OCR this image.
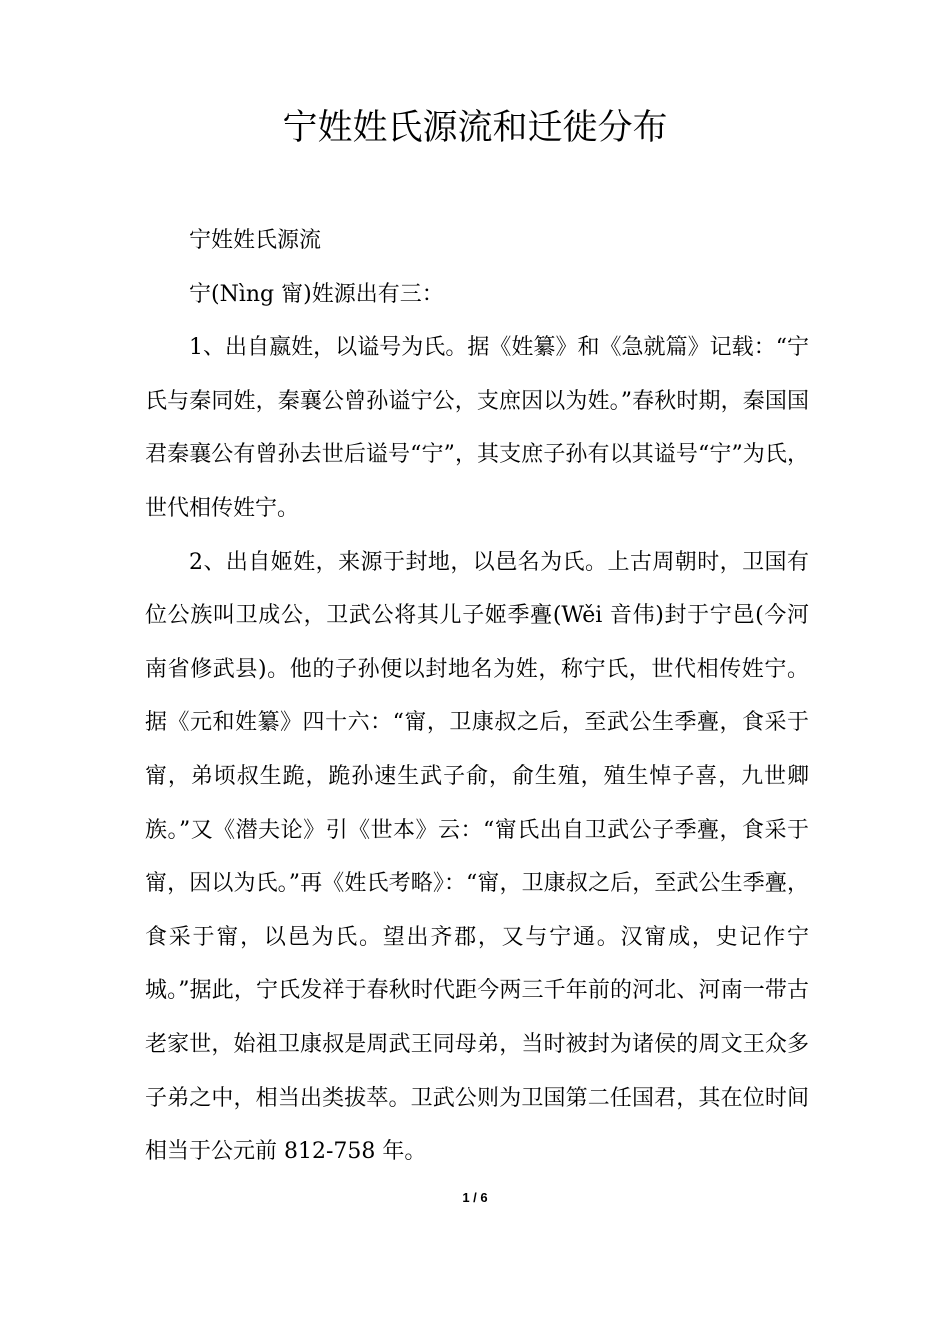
宁姓姓氏源流和迁徙分布

宁姓姓氏源流

宁(Nìng 甯)姓源出有三：

1、出自嬴姓，以谥号为氏。据《姓纂》和《急就篇》记载：“宁氏与秦同姓，秦襄公曾孙谥宁公，支庶因以为姓。”春秋时期，秦国国君秦襄公有曾孙去世后谥号“宁”，其支庶子孙有以其谥号“宁”为氏，世代相传姓宁。

2、出自姬姓，来源于封地，以邑名为氏。上古周朝时，卫国有位公族叫卫成公，卫武公将其儿子姬季亹(Wěi 音伟)封于宁邑(今河南省修武县)。他的子孙便以封地名为姓，称宁氏，世代相传姓宁。据《元和姓纂》四十六：“甯，卫康叔之后，至武公生季亹，食采于甯，弟顷叔生跪，跪孙速生武子俞，俞生殖，殖生悼子喜，九世卿族。”又《潜夫论》引《世本》云：“甯氏出自卫武公子季亹，食采于甯，因以为氏。”再《姓氏考略》：“甯，卫康叔之后，至武公生季亹，食采于甯，以邑为氏。望出齐郡，又与宁通。汉甯成，史记作宁城。”据此，宁氏发祥于春秋时代距今两三千年前的河北、河南一带古老家世，始祖卫康叔是周武王同母弟，当时被封为诸侯的周文王众多子弟之中，相当出类拔萃。卫武公则为卫国第二任国君，其在位时间相当于公元前 812-758 年。

1 / 6
